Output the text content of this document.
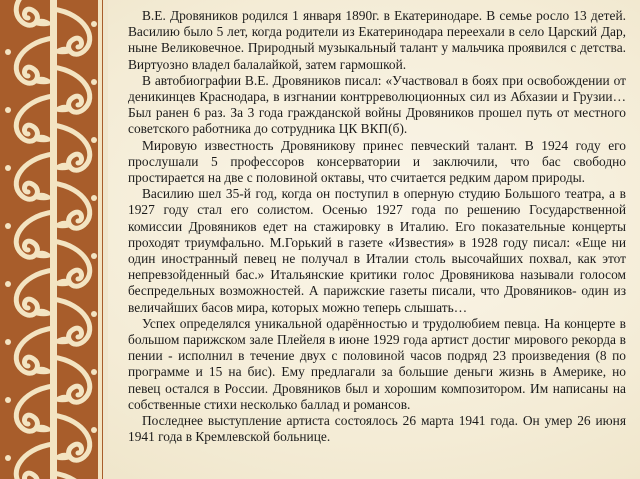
В.Е. Дровяников родился 1 января 1890г. в Екатеринодаре. В семье росло 13 детей. Василию было 5 лет, когда родители из Екатеринодара переехали в село Царский Дар, ныне Великовечное. Природный музыкальный талант у мальчика проявился с детства. Виртуозно владел балалайкой, затем гармошкой.

В автобиографии В.Е. Дровяников писал: «Участвовал в боях при освобождении от деникинцев Краснодара, в изгнании контрреволюционных сил из Абхазии и Грузии… Был ранен 6 раз. За 3 года гражданской войны Дровяников прошел путь от местного советского работника до сотрудника ЦК ВКП(б).

Мировую известность Дровяникову принес певческий талант. В 1924 году его прослушали 5 профессоров консерватории и заключили, что бас свободно простирается на две с половиной октавы, что считается редким даром природы.

Василию шел 35-й год, когда он поступил в оперную студию Большого театра, а в 1927 году стал его солистом. Осенью 1927 года по решению Государственной комиссии Дровяников едет на стажировку в Италию. Его показательные концерты проходят триумфально. М.Горький в газете «Известия» в 1928 году писал: «Еще ни один иностранный певец не получал в Италии столь высочайших похвал, как этот непревзойденный бас.» Итальянские критики голос Дровяникова называли голосом беспредельных возможностей. А парижские газеты писали, что Дровяников- один из величайших басов мира, которых можно теперь слышать…

Успех определялся уникальной одарённостью и трудолюбием певца. На концерте в большом парижском зале Плейеля в июне 1929 года артист достиг мирового рекорда в пении - исполнил в течение двух с половиной часов подряд 23 произведения (8 по программе и 15 на бис). Ему предлагали за большие деньги жизнь в Америке, но певец остался в России. Дровяников был и хорошим композитором. Им написаны на собственные стихи несколько баллад и романсов.

Последнее выступление артиста состоялось 26 марта 1941 года. Он умер 26 июня 1941 года в Кремлевской больнице.
